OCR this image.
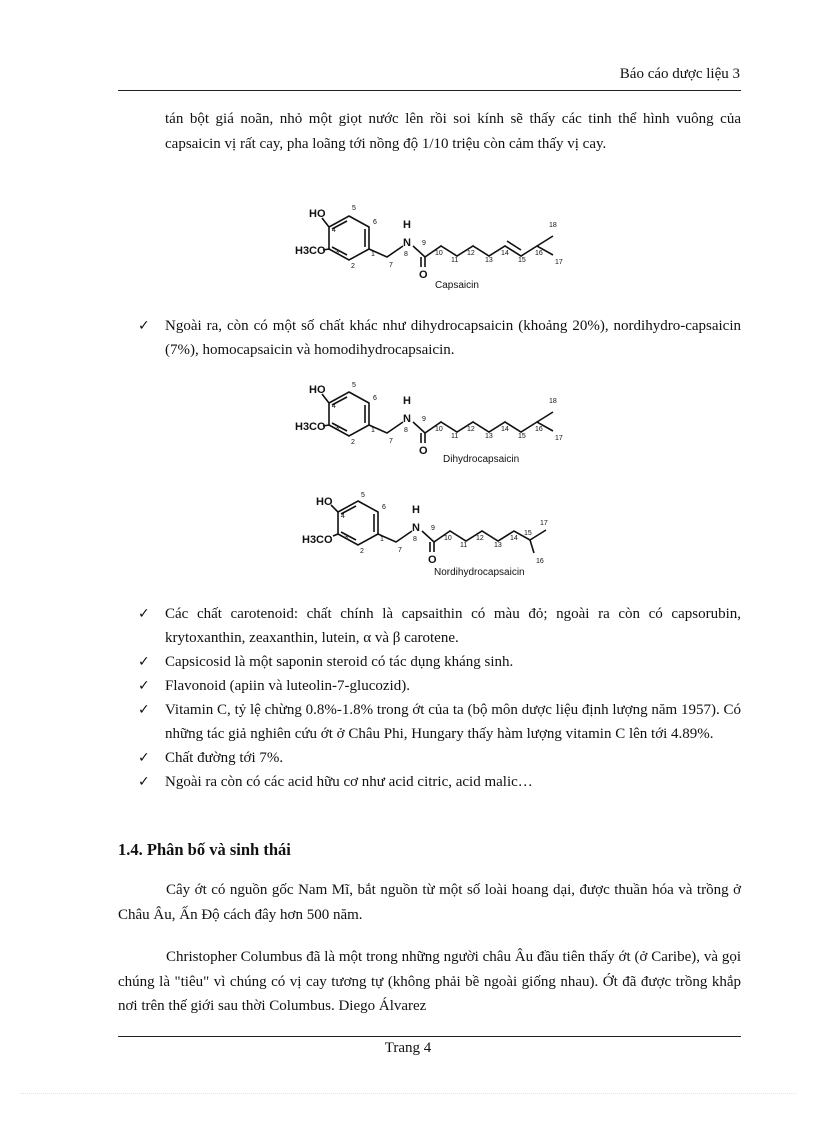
Báo cáo dược liệu 3
tán bột giá noãn, nhỏ một giọt nước lên rồi soi kính sẽ thấy các tinh thể hình vuông của capsaicin vị rất cay, pha loãng tới nồng độ 1/10 triệu còn cảm thấy vị cay.
HO
H3CO
H
N
O
1
2
3
4
5
6
7
8
9
10
11
12
13
14
15
16
17
18
Capsaicin
✓	Ngoài ra, còn có một số chất khác như dihydrocapsaicin (khoảng 20%), nordihydro-capsaicin (7%), homocapsaicin và homodihydrocapsaicin.
HO
H3CO
H
N
O
1
2
3
4
5
6
7
8
9
10
11
12
13
14
15
16
17
18
Dihydrocapsaicin
HO
H3CO
H
N
O
1
2
3
4
5
6
7
8
9
10
11
12
13
14
15
16
17
Nordihydrocapsaicin
✓	Các chất carotenoid: chất chính là capsaithin có màu đỏ; ngoài ra còn có capsorubin, krytoxanthin, zeaxanthin, lutein, α và β carotene.
✓	Capsicosid là một saponin steroid có tác dụng kháng sinh.
✓	Flavonoid (apiin và luteolin-7-glucozid).
✓	Vitamin C, tỷ lệ chừng 0.8%-1.8% trong ớt của ta (bộ môn dược liệu định lượng năm 1957). Có những tác giả nghiên cứu ớt ở Châu Phi, Hungary thấy hàm lượng vitamin C lên tới 4.89%.
✓	Chất đường tới 7%.
✓	Ngoài ra còn có các acid hữu cơ như acid citric, acid malic…
1.4. Phân bố và sinh thái
Cây ớt có nguồn gốc Nam Mĩ, bắt nguồn từ một số loài hoang dại, được thuần hóa và trồng ở Châu Âu, Ấn Độ cách đây hơn 500 năm.
Christopher Columbus đã là một trong những người châu Âu đầu tiên thấy ớt (ở Caribe), và gọi chúng là "tiêu" vì chúng có vị cay tương tự (không phải bề ngoài giống nhau). Ớt đã được trồng khắp nơi trên thế giới sau thời Columbus. Diego Álvarez
Trang 4
